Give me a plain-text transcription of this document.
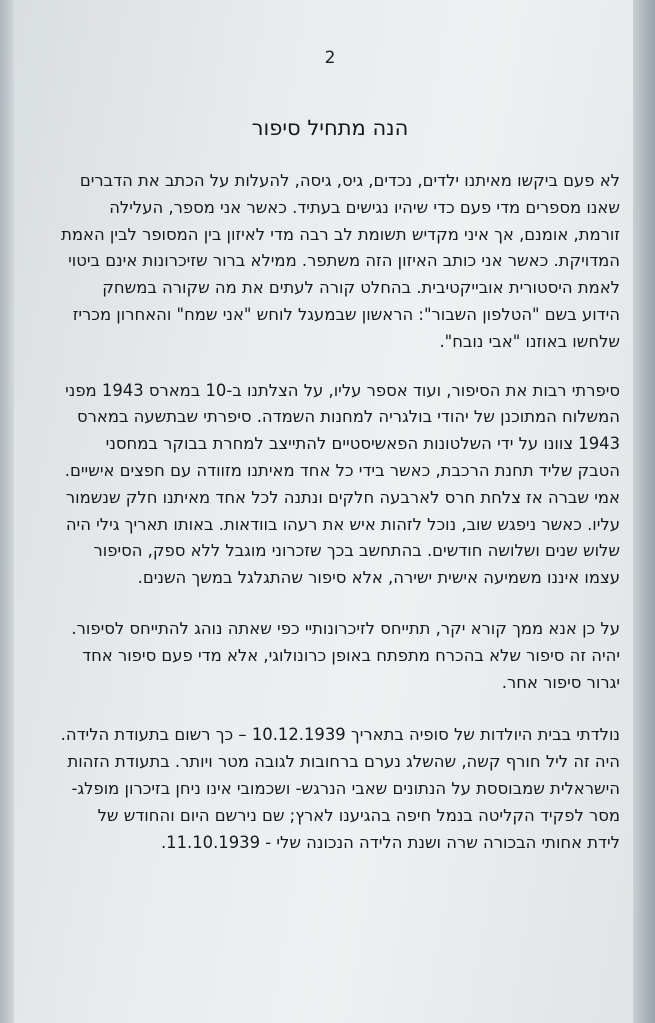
2
הנה מתחיל סיפור

לא פעם ביקשו מאיתנו ילדים, נכדים, גיס, גיסה, להעלות על הכתב את הדברים שאנו מספרים מדי פעם כדי שיהיו נגישים בעתיד. כאשר אני מספר, העלילה זורמת, אומנם, אך איני מקדיש תשומת לב רבה מדי לאיזון בין המסופר לבין האמת המדויקת. כאשר אני כותב האיזון הזה משתפר. ממילא ברור שזיכרונות אינם ביטוי לאמת היסטורית אובייקטיבית. בהחלט קורה לעתים את מה שקורה במשחק הידוע בשם "הטלפון השבור": הראשון שבמעגל לוחש "אני שמח" והאחרון מכריז שלחשו באוזנו "אבי נובח".

סיפרתי רבות את הסיפור, ועוד אספר עליו, על הצלתנו ב-10 במארס 1943 מפני המשלוח המתוכנן של יהודי בולגריה למחנות השמדה. סיפרתי שבתשעה במארס 1943 צוונו על ידי השלטונות הפאשיסטיים להתייצב למחרת בבוקר במחסני הטבק שליד תחנת הרכבת, כאשר בידי כל אחד מאיתנו מזוודה עם חפצים אישיים. אמי שברה אז צלחת חרס לארבעה חלקים ונתנה לכל אחד מאיתנו חלק שנשמור עליו. כאשר ניפגש שוב, נוכל לזהות איש את רעהו בוודאות. באותו תאריך גילי היה שלוש שנים ושלושה חודשים. בהתחשב בכך שזכרוני מוגבל ללא ספק, הסיפור עצמו איננו משמיעה אישית ישירה, אלא סיפור שהתגלגל במשך השנים.

על כן אנא ממך קורא יקר, תתייחס לזיכרונותיי כפי שאתה נוהג להתייחס לסיפור. יהיה זה סיפור שלא בהכרח מתפתח באופן כרונולוגי, אלא מדי פעם סיפור אחד יגרור סיפור אחר.

נולדתי בבית היולדות של סופיה בתאריך 10.12.1939 – כך רשום בתעודת הלידה. היה זה ליל חורף קשה, שהשלג נערם ברחובות לגובה מטר ויותר. בתעודת הזהות הישראלית שמבוססת על הנתונים שאבי הנרגש- ושכמובי אינו ניחן בזיכרון מופלג- מסר לפקיד הקליטה בנמל חיפה בהגיענו לארץ; שם נירשם היום והחודש של לידת אחותי הבכורה שרה ושנת הלידה הנכונה שלי - 11.10.1939.
